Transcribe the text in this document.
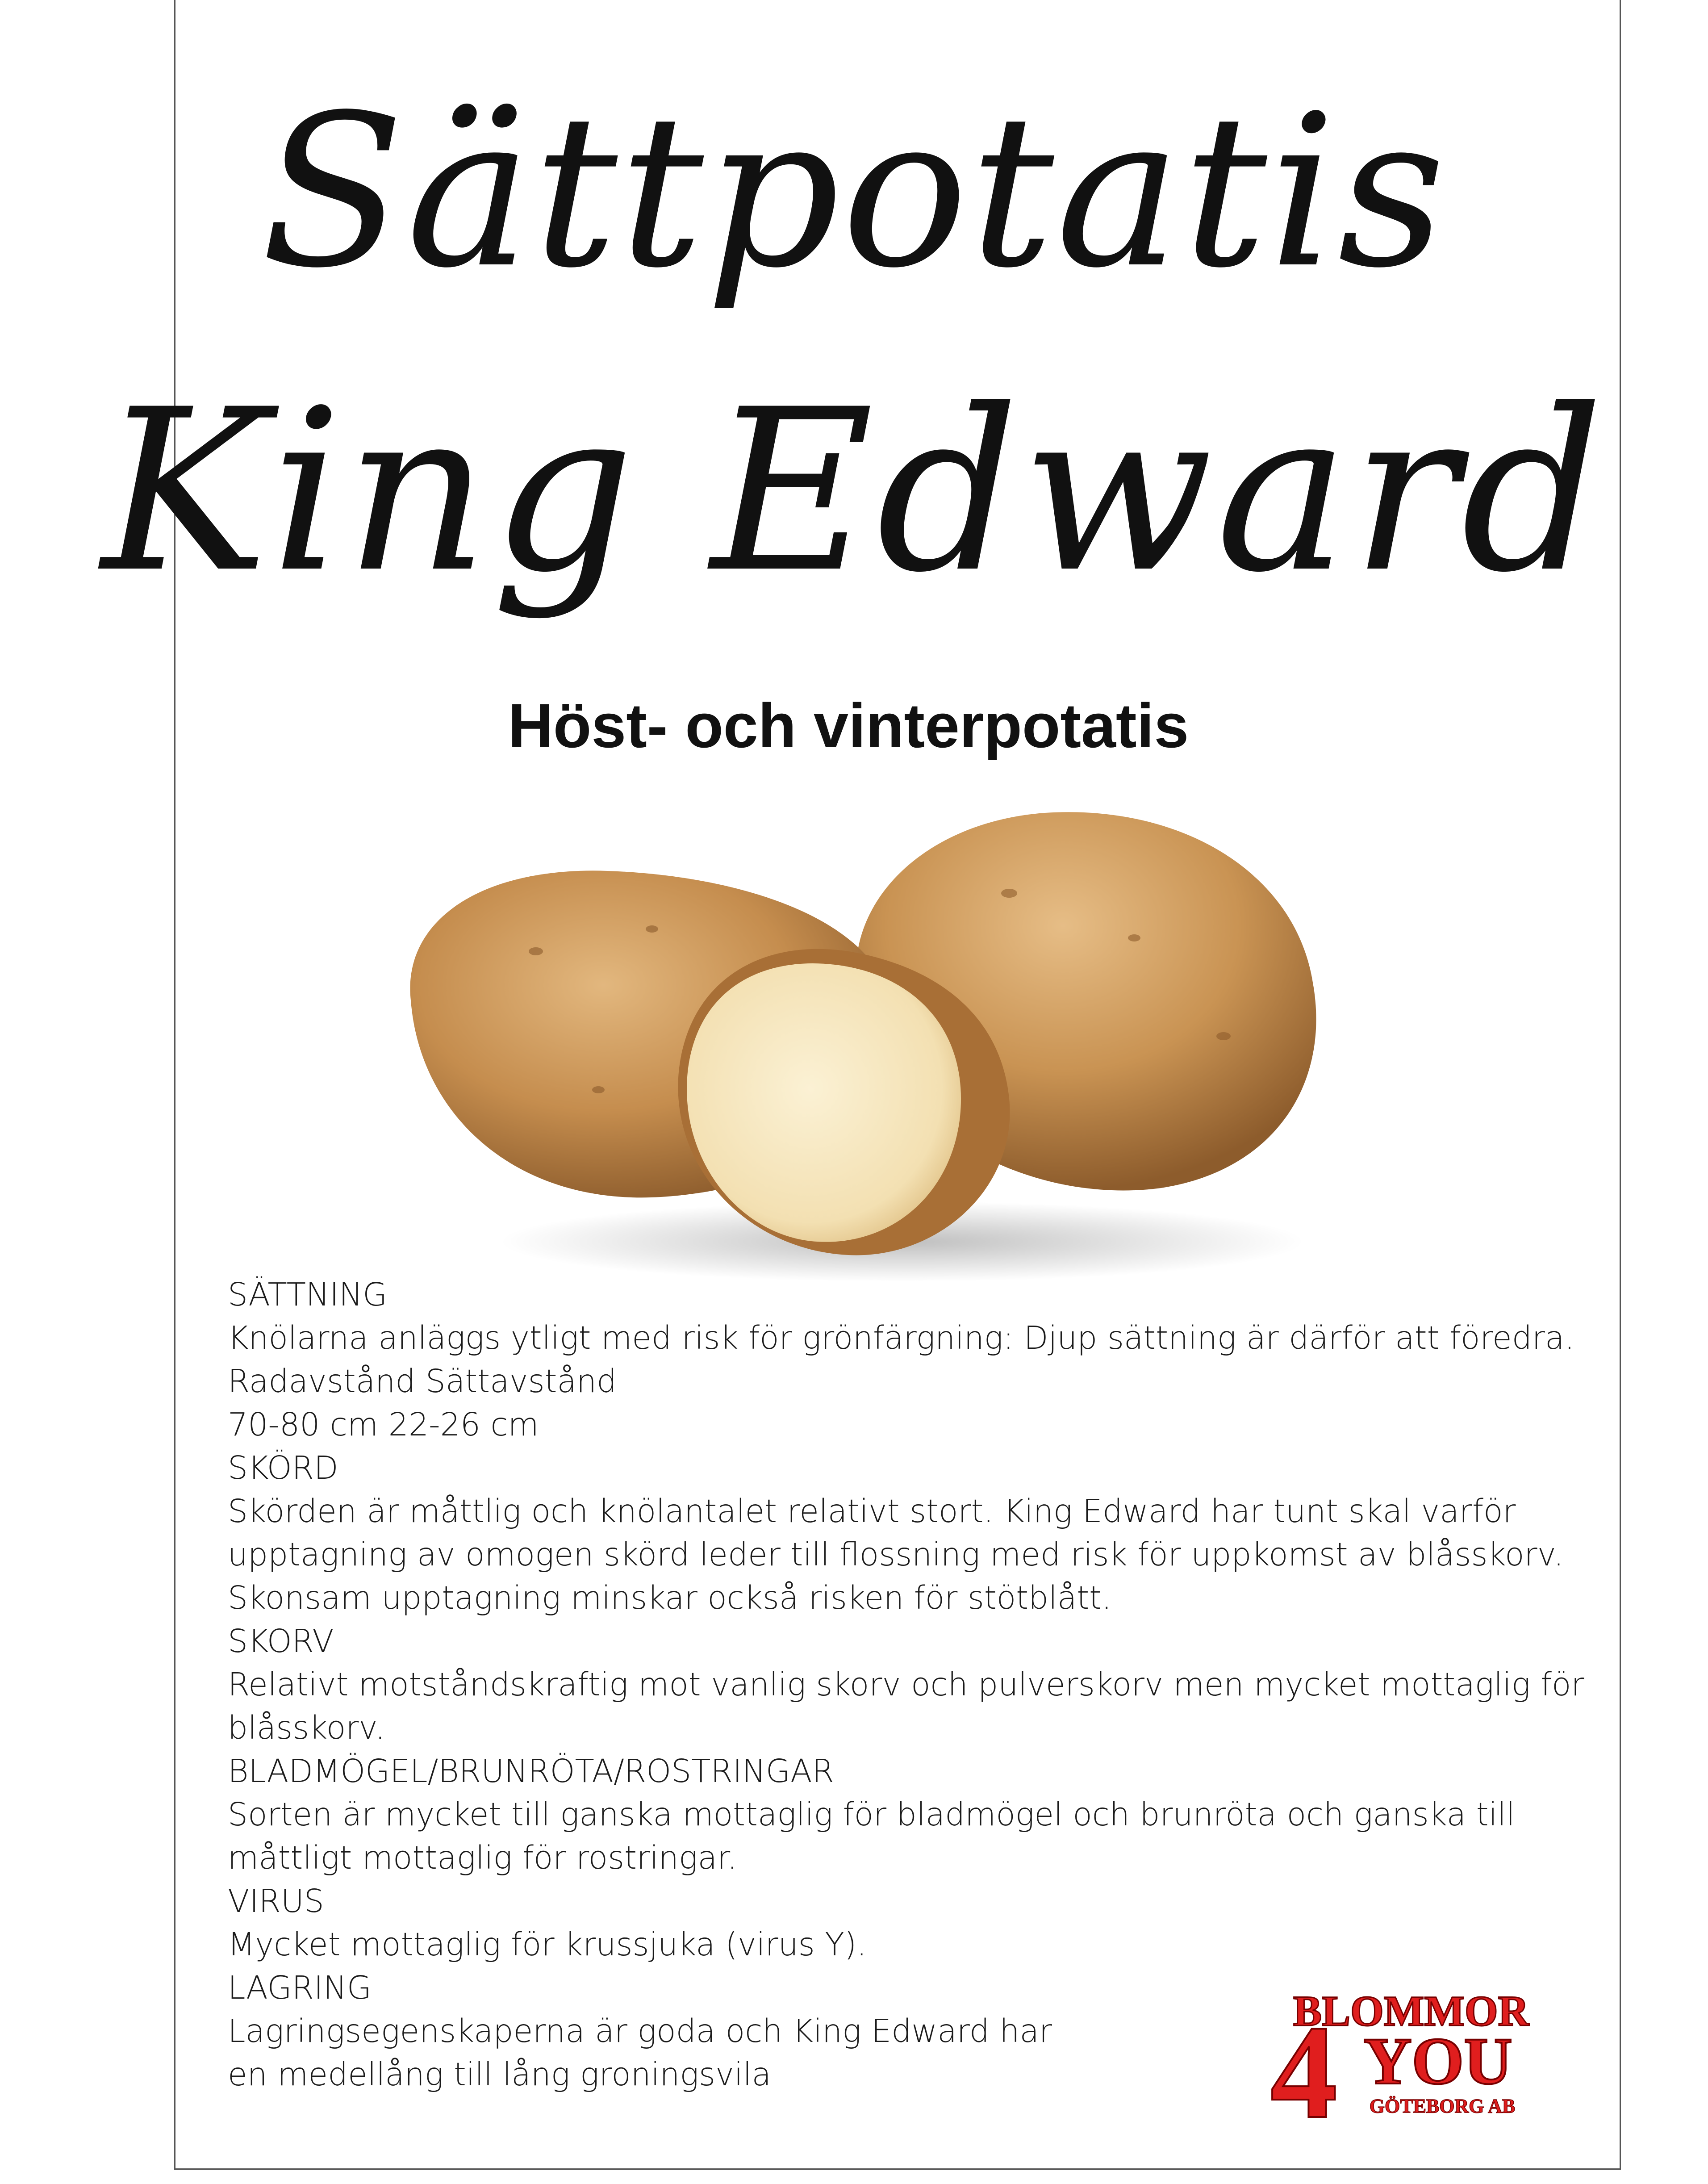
Sättpotatis
King Edward
Höst- och vinterpotatis

SÄTTNING

Knölarna anläggs ytligt med risk för grönfärgning: Djup sättning är därför att föredra.

Radavstånd Sättavstånd

70-80 cm 22-26 cm

SKÖRD

Skörden är måttlig och knölantalet relativt stort. King Edward har tunt skal varför

upptagning av omogen skörd leder till flossning med risk för uppkomst av blåsskorv.

Skonsam upptagning minskar också risken för stötblått.

SKORV

Relativt motståndskraftig mot vanlig skorv och pulverskorv men mycket mottaglig för

blåsskorv.

BLADMÖGEL/BRUNRÖTA/ROSTRINGAR

Sorten är mycket till ganska mottaglig för bladmögel och brunröta och ganska till

måttligt mottaglig för rostringar.

VIRUS

Mycket mottaglig för krussjuka (virus Y).

LAGRING

Lagringsegenskaperna är goda och King Edward har

en medellång till lång groningsvila

BLOMMOR
4 YOU
GÖTEBORG AB
